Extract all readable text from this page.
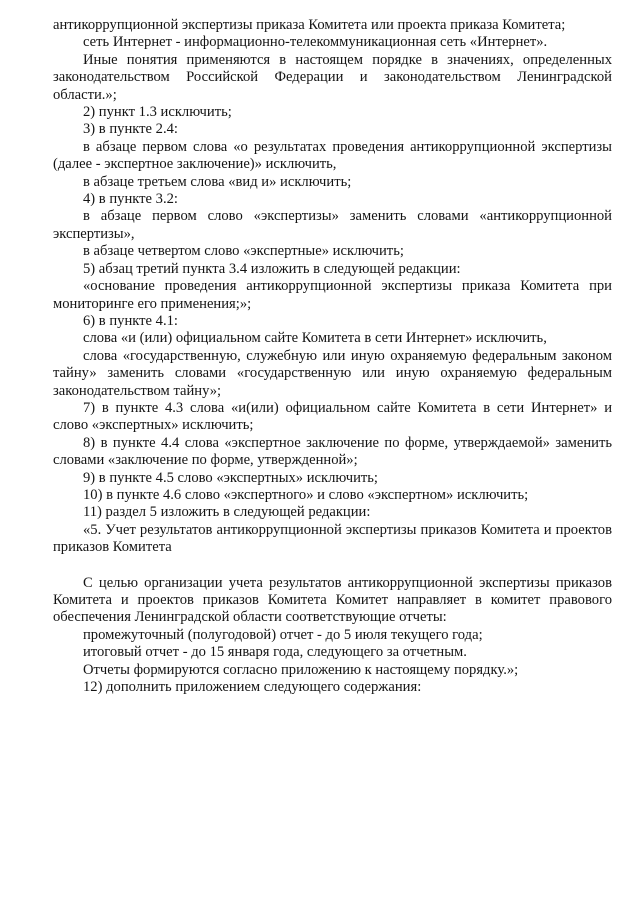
антикоррупционной экспертизы приказа Комитета или проекта приказа Комитета;

сеть Интернет - информационно-телекоммуникационная сеть «Интернет».

Иные понятия применяются в настоящем порядке в значениях, определенных законодательством Российской Федерации и законодательством Ленинградской области.»;

2) пункт 1.3 исключить;

3) в пункте 2.4:

в абзаце первом слова «о результатах проведения антикоррупционной экспертизы (далее - экспертное заключение)» исключить,

в абзаце третьем слова «вид и» исключить;

4) в пункте 3.2:

в абзаце первом слово «экспертизы» заменить словами «антикоррупционной экспертизы»,

в абзаце четвертом слово «экспертные» исключить;

5) абзац третий пункта 3.4 изложить в следующей редакции:

«основание проведения антикоррупционной экспертизы приказа Комитета при мониторинге его применения;»;

6) в пункте 4.1:

слова «и (или) официальном сайте Комитета в сети Интернет» исключить,

слова «государственную, служебную или иную охраняемую федеральным законом тайну» заменить словами «государственную или иную охраняемую федеральным законодательством тайну»;

7) в пункте 4.3 слова «и(или) официальном сайте Комитета в сети Интернет» и слово «экспертных» исключить;

8) в пункте 4.4 слова «экспертное заключение по форме, утверждаемой» заменить словами «заключение по форме, утвержденной»;

9) в пункте 4.5 слово «экспертных» исключить;

10) в пункте 4.6 слово «экспертного» и слово «экспертном» исключить;

11) раздел 5 изложить в следующей редакции:

«5. Учет результатов антикоррупционной экспертизы приказов Комитета и проектов приказов Комитета

С целью организации учета результатов антикоррупционной экспертизы приказов Комитета и проектов приказов Комитета Комитет направляет в комитет правового обеспечения Ленинградской области соответствующие отчеты:

промежуточный (полугодовой) отчет - до 5 июля текущего года;

итоговый отчет - до 15 января года, следующего за отчетным.

Отчеты формируются согласно приложению к настоящему порядку.»;

12) дополнить приложением следующего содержания:
